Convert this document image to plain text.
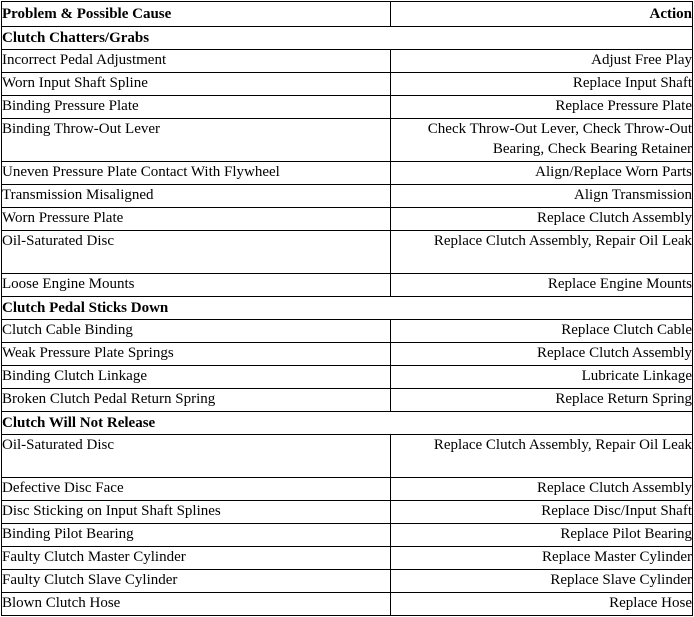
Problem & Possible Cause	Action
Clutch Chatters/Grabs	
Incorrect Pedal Adjustment	Adjust Free Play
Worn Input Shaft Spline	Replace Input Shaft
Binding Pressure Plate	Replace Pressure Plate
Binding Throw-Out Lever	Check Throw-Out Lever, Check Throw-Out Bearing, Check Bearing Retainer
Uneven Pressure Plate Contact With Flywheel	Align/Replace Worn Parts
Transmission Misaligned	Align Transmission
Worn Pressure Plate	Replace Clutch Assembly
Oil-Saturated Disc	Replace Clutch Assembly, Repair Oil Leak
Loose Engine Mounts	Replace Engine Mounts
Clutch Pedal Sticks Down	
Clutch Cable Binding	Replace Clutch Cable
Weak Pressure Plate Springs	Replace Clutch Assembly
Binding Clutch Linkage	Lubricate Linkage
Broken Clutch Pedal Return Spring	Replace Return Spring
Clutch Will Not Release	
Oil-Saturated Disc	Replace Clutch Assembly, Repair Oil Leak
Defective Disc Face	Replace Clutch Assembly
Disc Sticking on Input Shaft Splines	Replace Disc/Input Shaft
Binding Pilot Bearing	Replace Pilot Bearing
Faulty Clutch Master Cylinder	Replace Master Cylinder
Faulty Clutch Slave Cylinder	Replace Slave Cylinder
Blown Clutch Hose	Replace Hose
